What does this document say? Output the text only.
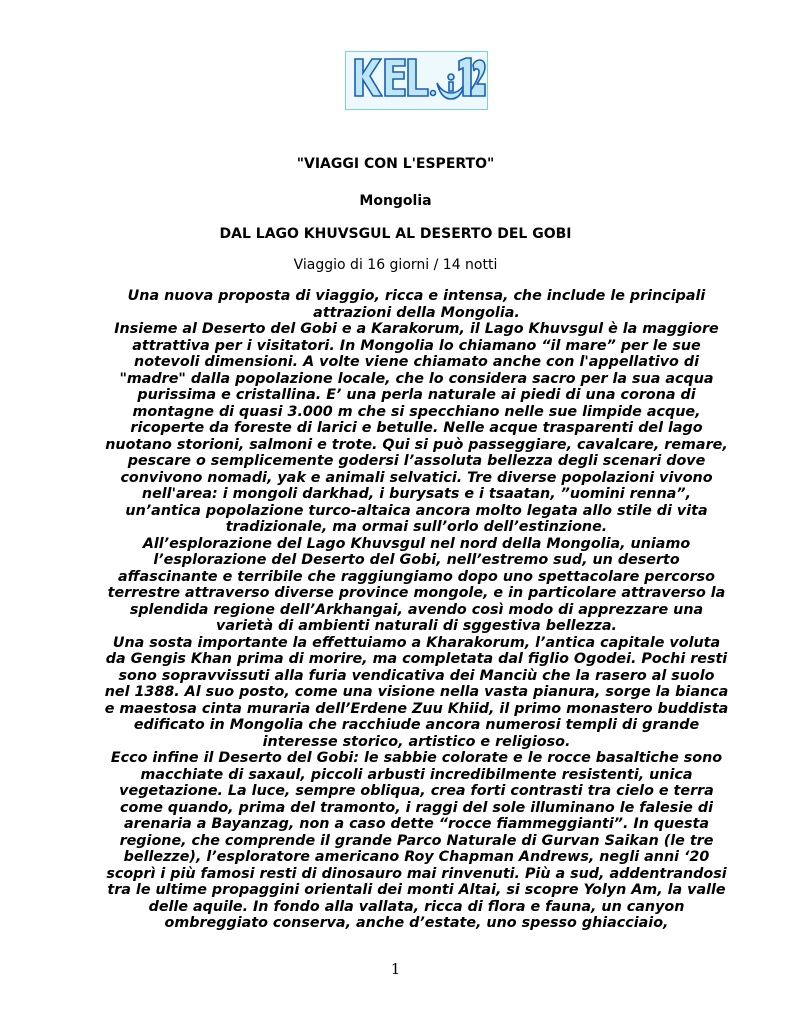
"VIAGGI CON L'ESPERTO"

Mongolia

DAL LAGO KHUVSGUL AL DESERTO DEL GOBI

Viaggio di 16 giorni / 14 notti

Una nuova proposta di viaggio, ricca e intensa, che include le principali attrazioni della Mongolia.

Insieme al Deserto del Gobi e a Karakorum, il Lago Khuvsgul è la maggiore attrattiva per i visitatori. In Mongolia lo chiamano “il mare” per le sue notevoli dimensioni. A volte viene chiamato anche con l'appellativo di "madre" dalla popolazione locale, che lo considera sacro per la sua acqua purissima e cristallina. E’ una perla naturale ai piedi di una corona di montagne di quasi 3.000 m che si specchiano nelle sue limpide acque, ricoperte da foreste di larici e betulle. Nelle acque trasparenti del lago nuotano storioni, salmoni e trote. Qui si può passeggiare, cavalcare, remare, pescare o semplicemente godersi l’assoluta bellezza degli scenari dove convivono nomadi, yak e animali selvatici. Tre diverse popolazioni vivono nell'area: i mongoli darkhad, i burysats e i tsaatan, ”uomini renna”, un’antica popolazione turco-altaica ancora molto legata allo stile di vita tradizionale, ma ormai sull’orlo dell’estinzione.

All’esplorazione del Lago Khuvsgul nel nord della Mongolia, uniamo l’esplorazione del Deserto del Gobi, nell’estremo sud, un deserto affascinante e terribile che raggiungiamo dopo uno spettacolare percorso terrestre attraverso diverse province mongole, e in particolare attraverso la splendida regione dell’Arkhangai, avendo così modo di apprezzare una varietà di ambienti naturali di sggestiva bellezza.

Una sosta importante la effettuiamo a Kharakorum, l’antica capitale voluta da Gengis Khan prima di morire, ma completata dal figlio Ogodei. Pochi resti sono sopravvissuti alla furia vendicativa dei Manciù che la rasero al suolo nel 1388. Al suo posto, come una visione nella vasta pianura, sorge la bianca e maestosa cinta muraria dell’Erdene Zuu Khiid, il primo monastero buddista edificato in Mongolia che racchiude ancora numerosi templi di grande interesse storico, artistico e religioso.

Ecco infine il Deserto del Gobi: le sabbie colorate e le rocce basaltiche sono macchiate di saxaul, piccoli arbusti incredibilmente resistenti, unica vegetazione. La luce, sempre obliqua, crea forti contrasti tra cielo e terra come quando, prima del tramonto, i raggi del sole illuminano le falesie di arenaria a Bayanzag, non a caso dette “rocce fiammeggianti”. In questa regione, che comprende il grande Parco Naturale di Gurvan Saikan (le tre bellezze), l’esploratore americano Roy Chapman Andrews, negli anni ‘20 scoprì i più famosi resti di dinosauro mai rinvenuti. Più a sud, addentrandosi tra le ultime propaggini orientali dei monti Altai, si scopre Yolyn Am, la valle delle aquile. In fondo alla vallata, ricca di flora e fauna, un canyon ombreggiato conserva, anche d’estate, uno spesso ghiacciaio,

1
